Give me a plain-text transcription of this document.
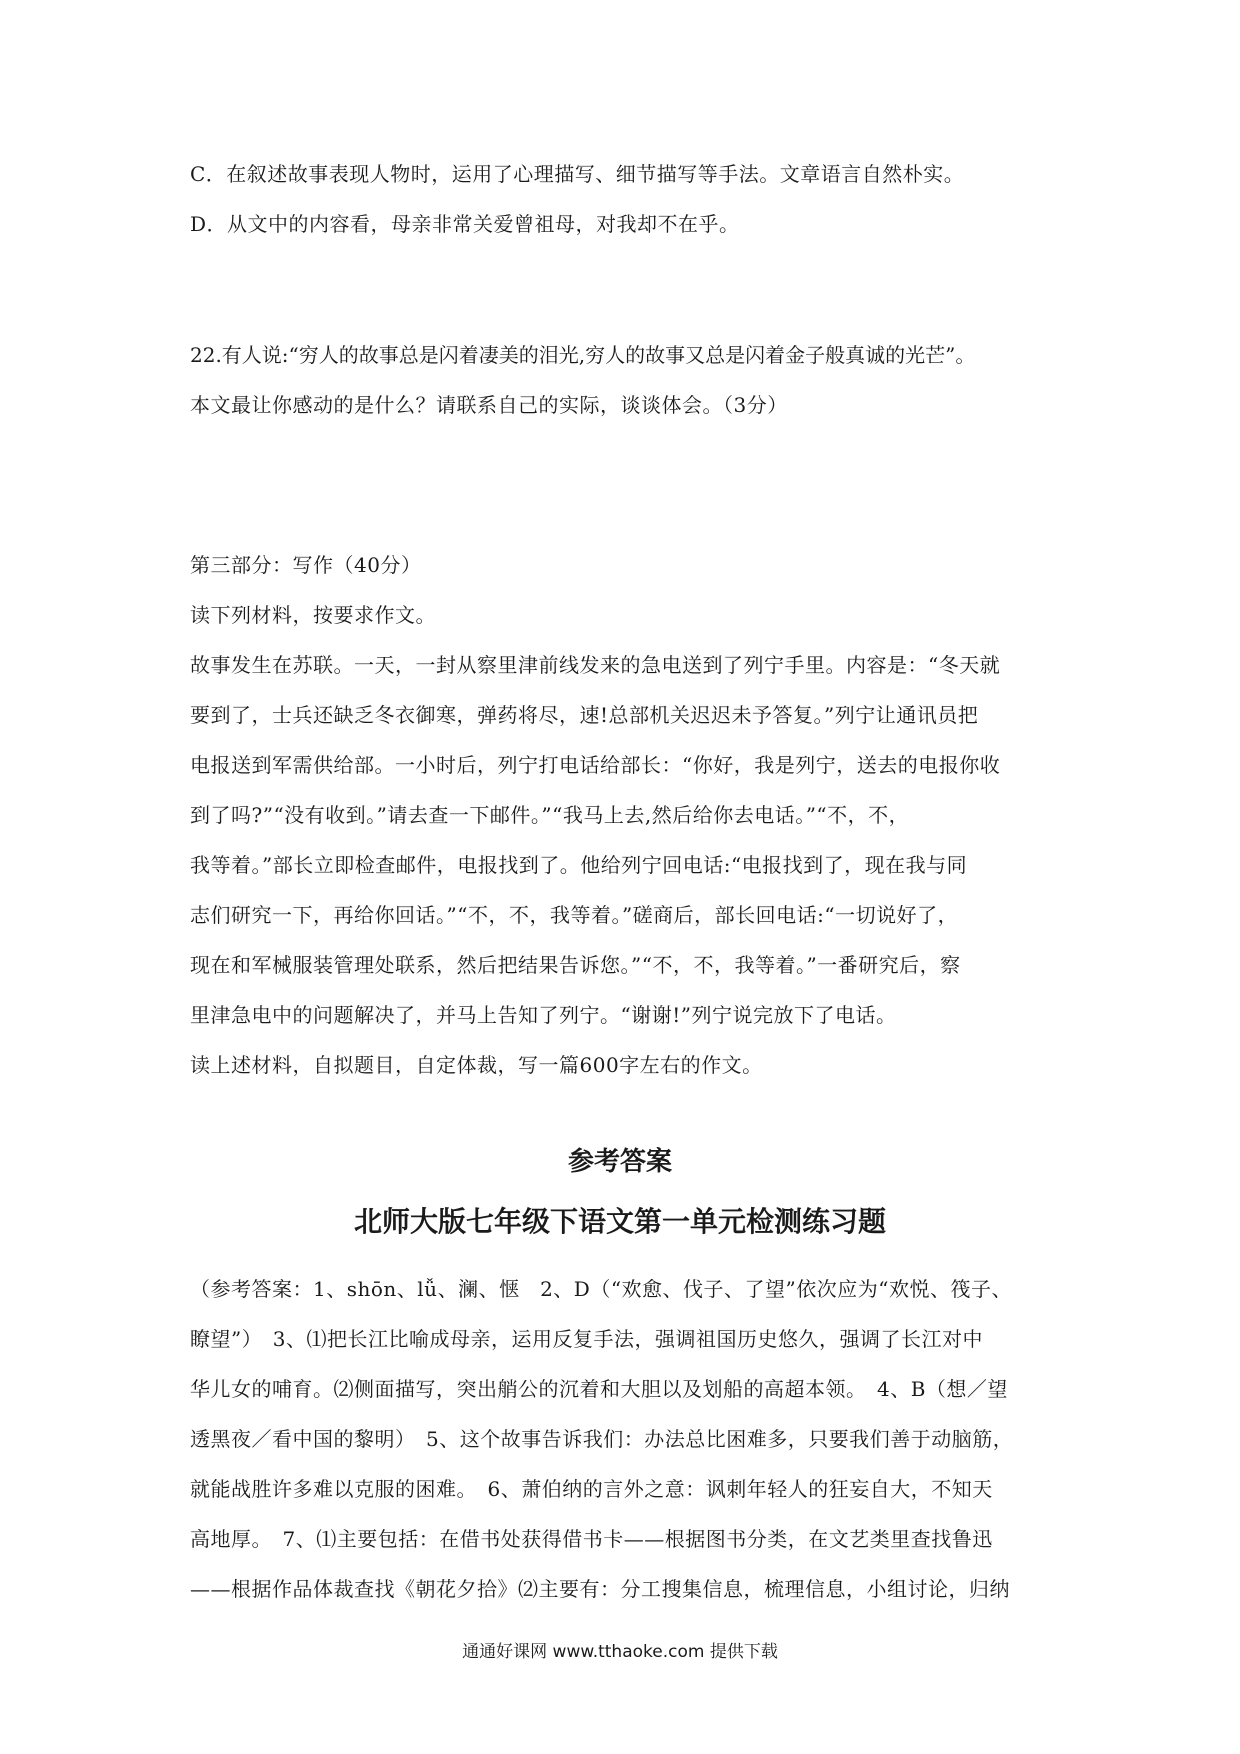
C．在叙述故事表现人物时，运用了心理描写、细节描写等手法。文章语言自然朴实。
D．从文中的内容看，母亲非常关爱曾祖母，对我却不在乎。
22.有人说:“穷人的故事总是闪着凄美的泪光,穷人的故事又总是闪着金子般真诚的光芒”。
本文最让你感动的是什么？请联系自己的实际，谈谈体会。（3分）
第三部分：写作（40分）
读下列材料，按要求作文。
故事发生在苏联。一天，一封从察里津前线发来的急电送到了列宁手里。内容是：“冬天就
要到了，士兵还缺乏冬衣御寒，弹药将尽，速!总部机关迟迟未予答复。”列宁让通讯员把
电报送到军需供给部。一小时后，列宁打电话给部长：“你好，我是列宁，送去的电报你收
到了吗?”“没有收到。”请去查一下邮件。”“我马上去,然后给你去电话。”“不，不，
我等着。”部长立即检查邮件，电报找到了。他给列宁回电话:“电报找到了，现在我与同
志们研究一下，再给你回话。”“不，不，我等着。”磋商后，部长回电话:“一切说好了，
现在和军械服装管理处联系，然后把结果告诉您。”“不，不，我等着。”一番研究后，察
里津急电中的问题解决了，并马上告知了列宁。“谢谢!”列宁说完放下了电话。
读上述材料，自拟题目，自定体裁，写一篇600字左右的作文。
参考答案
北师大版七年级下语文第一单元检测练习题
（参考答案：1、shōn、lǚ、澜、惬　2、D（“欢愈、伐子、了望”依次应为“欢悦、筏子、
瞭望”）　3、⑴把长江比喻成母亲，运用反复手法，强调祖国历史悠久，强调了长江对中
华儿女的哺育。⑵侧面描写，突出艄公的沉着和大胆以及划船的高超本领。　4、B（想／望
透黑夜／看中国的黎明）　5、这个故事告诉我们：办法总比困难多，只要我们善于动脑筋，
就能战胜许多难以克服的困难。　6、萧伯纳的言外之意：讽刺年轻人的狂妄自大，不知天
高地厚。　7、⑴主要包括：在借书处获得借书卡——根据图书分类，在文艺类里查找鲁迅
——根据作品体裁查找《朝花夕拾》⑵主要有：分工搜集信息，梳理信息，小组讨论，归纳
通通好课网 www.tthaoke.com 提供下载
